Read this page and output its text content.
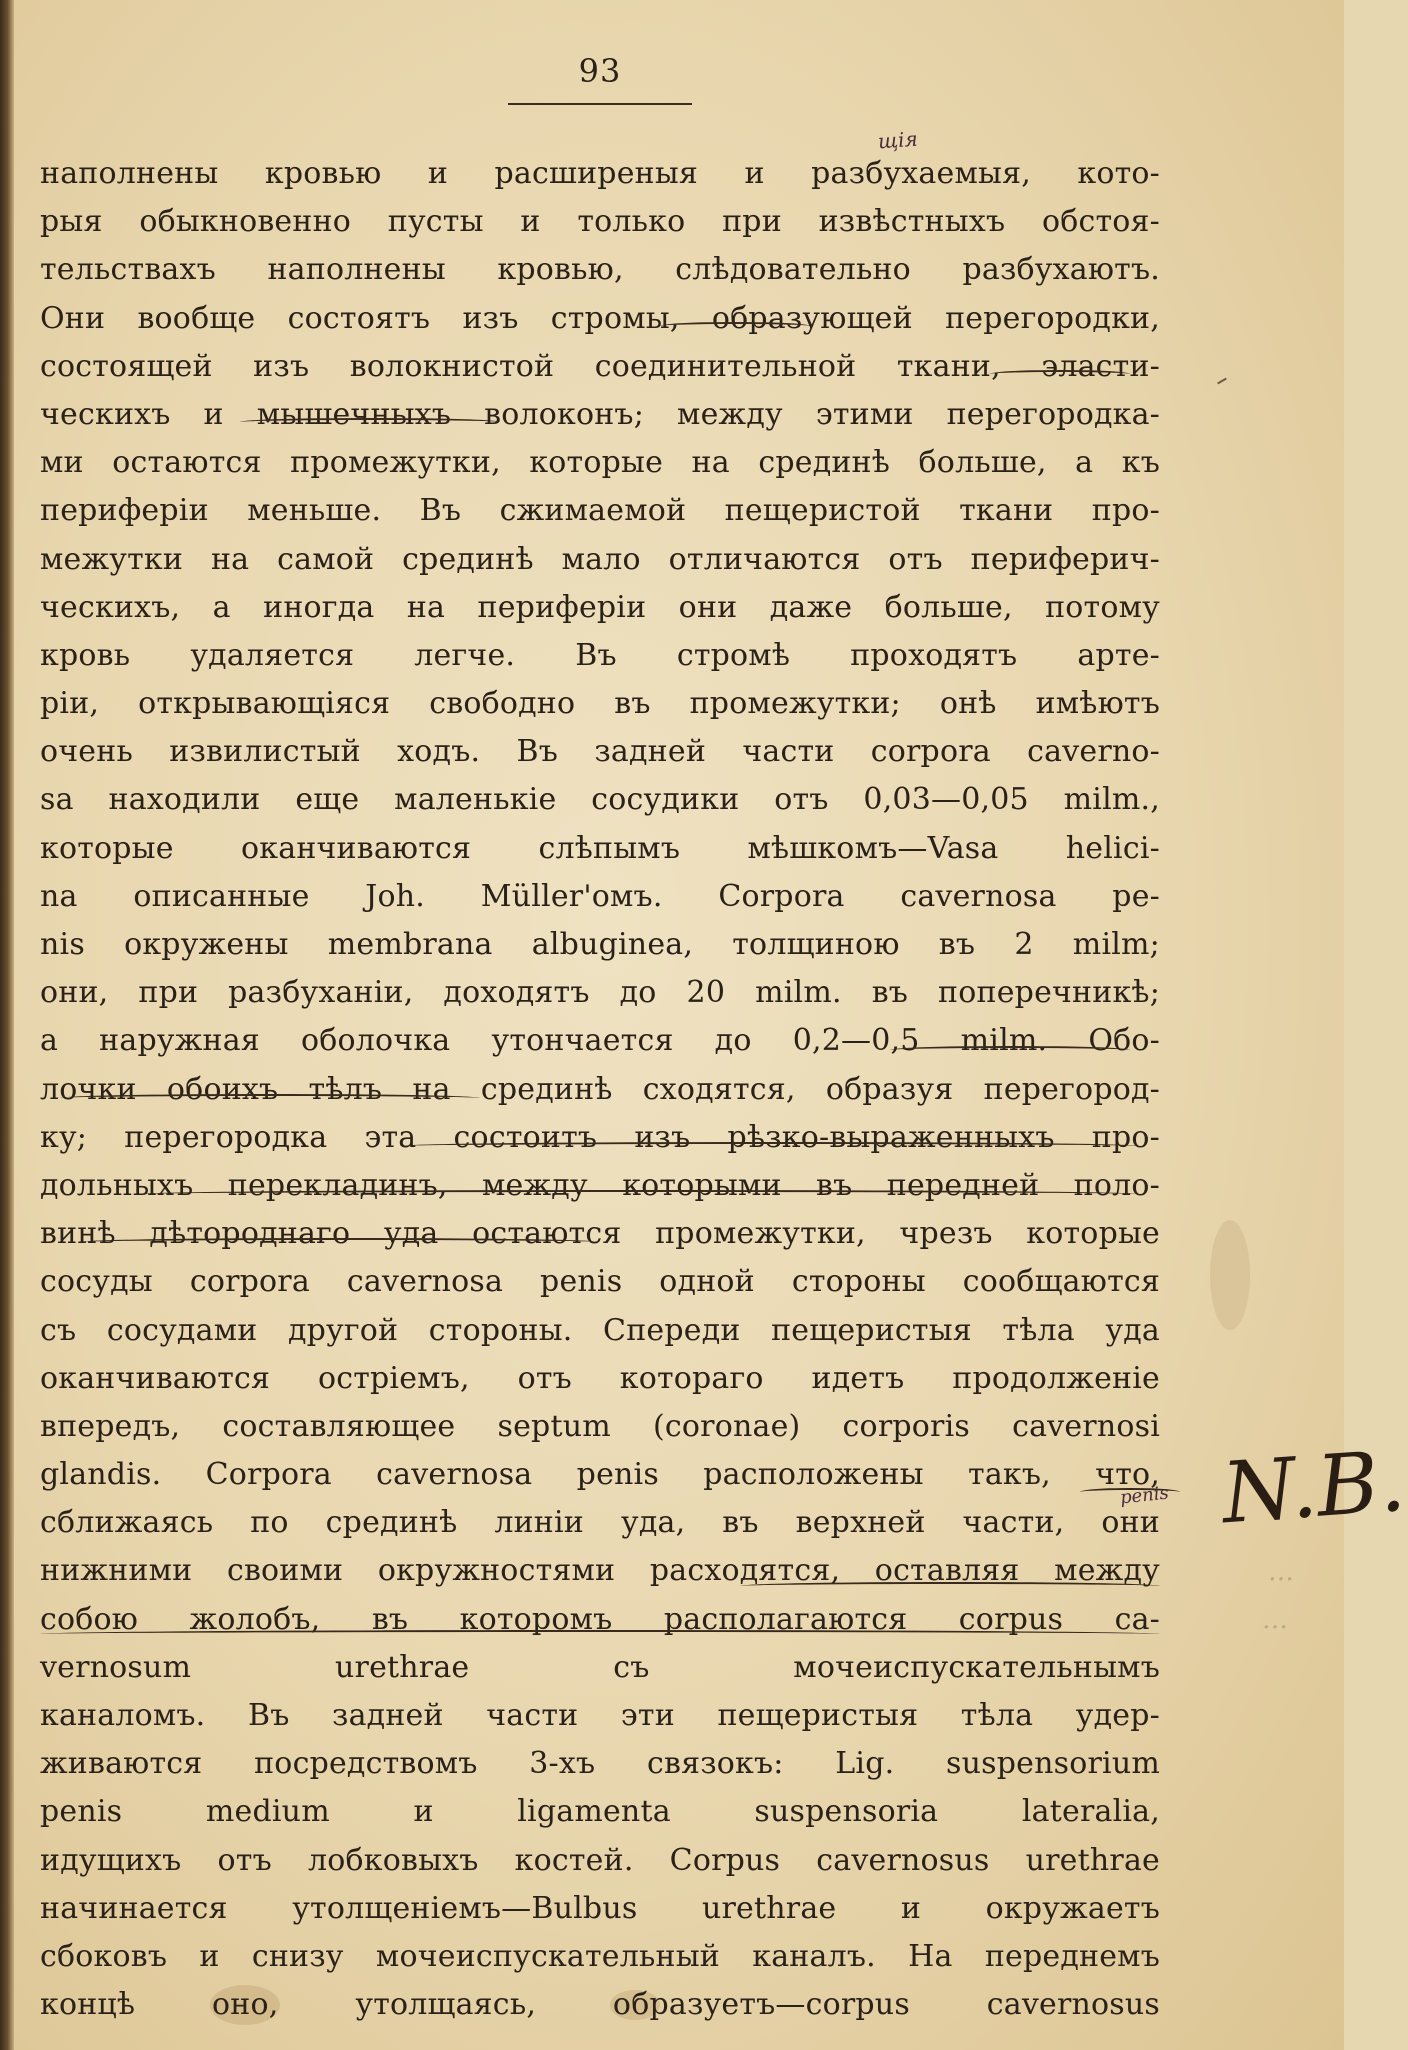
93
наполнены кровью и расширеныя и разбухаемыя, кото-
рыя обыкновенно пусты и только при извѣстныхъ обстоя-
тельствахъ наполнены кровью, слѣдовательно разбухаютъ.
Они вообще состоятъ изъ стромы, образующей перегородки,
состоящей изъ волокнистой соединительной ткани, эласти-
ческихъ и мышечныхъ волоконъ; между этими перегородка-
ми остаются промежутки, которые на срединѣ больше, а къ
периферіи меньше. Въ сжимаемой пещеристой ткани про-
межутки на самой срединѣ мало отличаются отъ периферич-
ческихъ, а иногда на периферіи они даже больше, потому
кровь удаляется легче. Въ стромѣ проходятъ арте-
ріи, открывающіяся свободно въ промежутки; онѣ имѣютъ
очень извилистый ходъ. Въ задней части corpora caverno-
sa находили еще маленькіе сосудики отъ 0,03—0,05 milm.,
которые оканчиваются слѣпымъ мѣшкомъ—Vasa helici-
na описанные Joh. Müller'омъ. Corpora cavernosa pe-
nis окружены membrana albuginea, толщиною въ 2 milm;
они, при разбуханіи, доходятъ до 20 milm. въ поперечникѣ;
а наружная оболочка утончается до 0,2—0,5 milm. Обо-
лочки обоихъ тѣлъ на срединѣ сходятся, образуя перегород-
ку; перегородка эта состоитъ изъ рѣзко-выраженныхъ про-
дольныхъ перекладинъ, между которыми въ передней поло-
винѣ дѣтороднаго уда остаются промежутки, чрезъ которые
сосуды corpora cavernosa penis одной стороны сообщаются
съ сосудами другой стороны. Спереди пещеристыя тѣла уда
оканчиваются остріемъ, отъ котораго идетъ продолженіе
впередъ, составляющее septum (coronae) corporis cavernosi
glandis. Corpora cavernosa penis расположены такъ, что,
сближаясь по срединѣ линіи уда, въ верхней части, они
нижними своими окружностями расходятся, оставляя между
собою жолобъ, въ которомъ располагаются corpus ca-
vernosum urethrae съ мочеиспускательнымъ
каналомъ. Въ задней части эти пещеристыя тѣла удер-
живаются посредствомъ 3-хъ связокъ: Lig. suspensorium
penis medium и ligamenta suspensoria lateralia,
идущихъ отъ лобковыхъ костей. Corpus cavernosus urethrae
начинается утолщеніемъ—Bulbus urethrae и окружаетъ
сбоковъ и снизу мочеиспускательный каналъ. На переднемъ
концѣ оно, утолщаясь, образуетъ—corpus cavernosus
щія
penis N.B.
…
…
